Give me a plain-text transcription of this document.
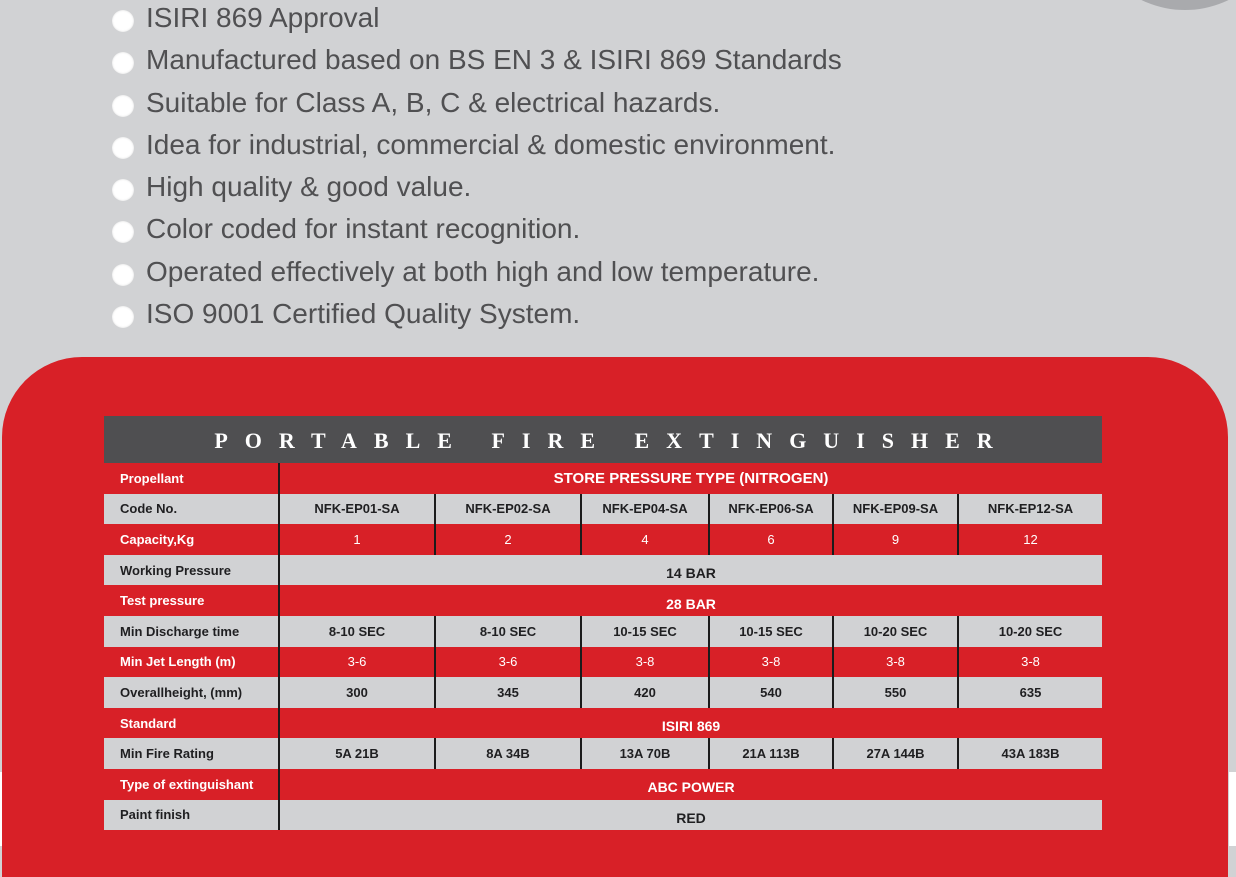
ISIRI 869 Approval
Manufactured based on BS EN 3 & ISIRI 869 Standards
Suitable for Class A, B, C & electrical hazards.
Idea for industrial, commercial & domestic environment.
High quality & good value.
Color coded for instant recognition.
Operated effectively at both high and low temperature.
ISO 9001 Certified Quality System.
PORTABLE FIRE EXTINGUISHER
Propellant	STORE PRESSURE TYPE (NITROGEN)					
Code No.	NFK-EP01-SA	NFK-EP02-SA	NFK-EP04-SA	NFK-EP06-SA	NFK-EP09-SA	NFK-EP12-SA
Capacity,Kg	1	2	4	6	9	12
Working Pressure	14 BAR					
Test pressure	28 BAR					
Min Discharge time	8-10 SEC	8-10 SEC	10-15 SEC	10-15 SEC	10-20 SEC	10-20 SEC
Min Jet Length (m)	3-6	3-6	3-8	3-8	3-8	3-8
Overallheight, (mm)	300	345	420	540	550	635
Standard	ISIRI 869					
Min Fire Rating	5A 21B	8A 34B	13A 70B	21A 113B	27A 144B	43A 183B
Type of extinguishant	ABC POWER					
Paint finish	RED					
